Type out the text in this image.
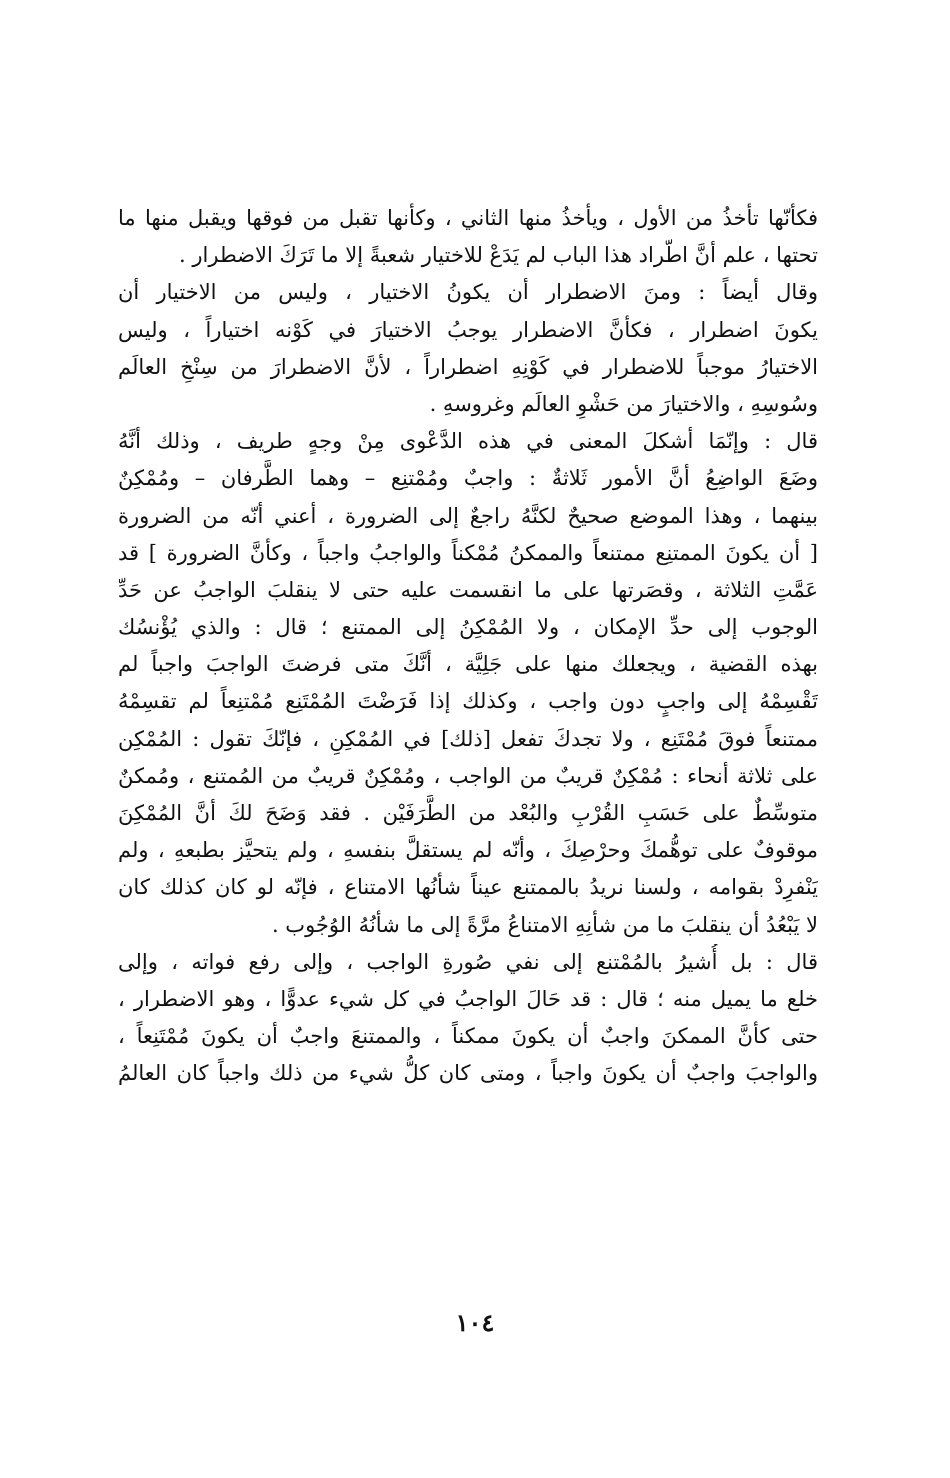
فكأنّها تأخذُ من الأول ، ويأخذُ منها الثاني ، وكأنها تقبل من فوقها ويقبل منها ما
تحتها ، علم أنَّ اطّراد هذا الباب لم يَدَعْ للاختيار شعبةً إلا ما تَرَكَ الاضطرار .
وقال أيضاً : ومنَ الاضطرار أن يكونُ الاختيار ، وليس من الاختيار أن
يكونَ اضطرار ، فكأنَّ الاضطرار يوجبُ الاختيارَ في كَوْنه اختياراً ، وليس
الاختيارُ موجباً للاضطرار في كَوْنِهِ اضطراراً ، لأنَّ الاضطرارَ من سِنْخِ العالَم
وسُوسِهِ ، والاختيارَ من حَشْوِ العالَم وغروسهِ .
قال : وإنّمَا أشكلَ المعنى في هذه الدَّعْوى مِنْ وجهٍ طريف ، وذلك أنَّهُ
وضَعَ الواضِعُ أنَّ الأمور ثَلاثةٌ : واجبٌ ومُمْتنِع – وهما الطَّرفان – ومُمْكِنٌ
بينهما ، وهذا الموضع صحيحٌ لكنَّهُ راجعٌ إلى الضرورة ، أعني أنّه من الضرورة
[ أن يكونَ الممتنِع ممتنعاً والممكنُ مُمْكناً والواجبُ واجباً ، وكأنَّ الضرورة ] قد
عَمَّتِ الثلاثة ، وقصَرتها على ما انقسمت عليه حتى لا ينقلبَ الواجبُ عن حَدِّ
الوجوب إلى حدِّ الإمكان ، ولا المُمْكِنُ إلى الممتنع ؛ قال : والذي يُؤْنسُك
بهذه القضية ، ويجعلك منها على جَلِيَّة ، أنَّكَ متى فرضتَ الواجبَ واجباً لم
تَقْسِمْهُ إلى واجبٍ دون واجب ، وكذلك إذا فَرَضْتَ المُمْتَنِع مُمْتنِعاً لم تقسِمْهُ
ممتنعاً فوقَ مُمْتَنِع ، ولا تجدكَ تفعل [ذلك] في المُمْكِنِ ، فإنّكَ تقول : المُمْكِن
على ثلاثة أنحاء : مُمْكِنٌ قريبٌ من الواجب ، ومُمْكِنٌ قريبٌ من المُمتنع ، ومُمكنٌ
متوسِّطٌ على حَسَبِ القُرْبِ والبُعْد من الطَّرَفَيْن . فقد وَضَحَ لكَ أنَّ المُمْكِنَ
موقوفٌ على توهُّمكَ وحرْصِكَ ، وأنّه لم يستقلَّ بنفسهِ ، ولم يتحيَّز بطبعهِ ، ولم
يَنْفرِدْ بقوامه ، ولسنا نريدُ بالممتنع عيناً شأنُها الامتناع ، فإنّه لو كان كذلك كان
لا يَبْعُدُ أن ينقلبَ ما من شأنِهِ الامتناعُ مرَّةً إلى ما شأنُهُ الوُجُوب .
قال : بل أُشيرُ بالمُمْتنع إلى نفي صُورةِ الواجب ، وإلى رفع فواته ، وإلى
خلع ما يميل منه ؛ قال : قد حَالَ الواجبُ في كل شيء عدوًّا ، وهو الاضطرار ،
حتى كأنَّ الممكنَ واجبٌ أن يكونَ ممكناً ، والممتنعَ واجبٌ أن يكونَ مُمْتَنِعاً ،
والواجبَ واجبٌ أن يكونَ واجباً ، ومتى كان كلُّ شيء من ذلك واجباً كان العالمُ
١٠٤
